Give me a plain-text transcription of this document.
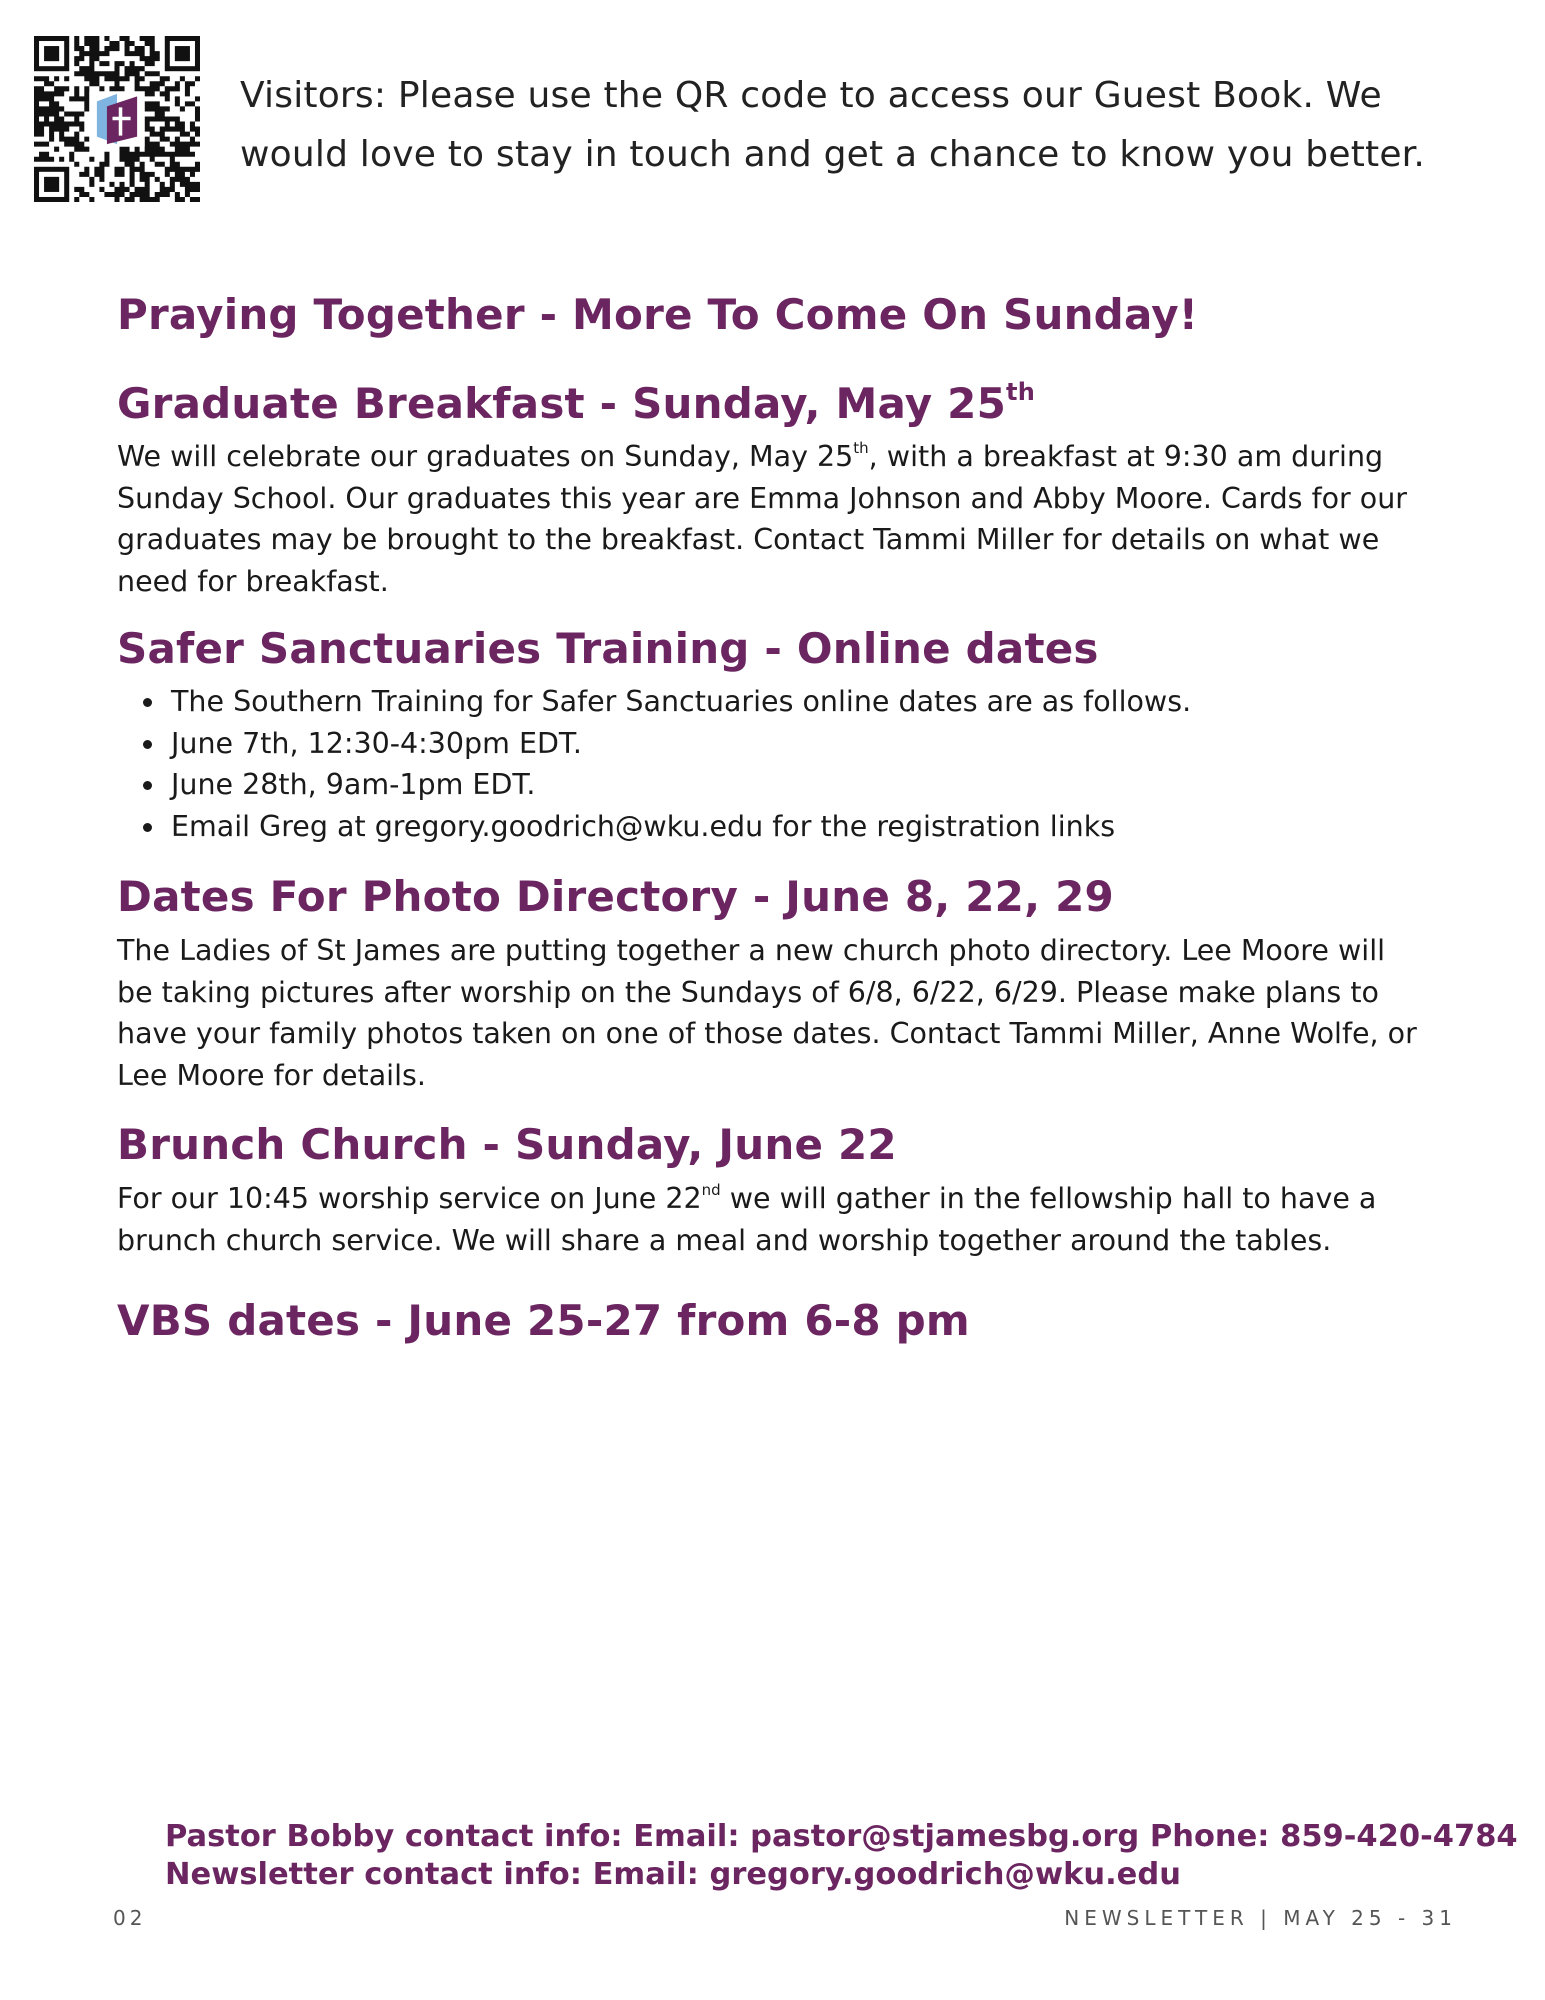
Visitors: Please use the QR code to access our Guest Book. We
would love to stay in touch and get a chance to know you better.
Praying Together - More To Come On Sunday!
Graduate Breakfast - Sunday, May 25th

We will celebrate our graduates on Sunday, May 25th, with a breakfast at 9:30 am during Sunday School. Our graduates this year are Emma Johnson and Abby Moore. Cards for our graduates may be brought to the breakfast. Contact Tammi Miller for details on what we need for breakfast.

Safer Sanctuaries Training - Online dates
• The Southern Training for Safer Sanctuaries online dates are as follows.
• June 7th, 12:30-4:30pm EDT.
• June 28th, 9am-1pm EDT.
• Email Greg at gregory.goodrich@wku.edu for the registration links
Dates For Photo Directory - June 8, 22, 29

The Ladies of St James are putting together a new church photo directory. Lee Moore will be taking pictures after worship on the Sundays of 6/8, 6/22, 6/29. Please make plans to have your family photos taken on one of those dates. Contact Tammi Miller, Anne Wolfe, or Lee Moore for details.

Brunch Church - Sunday, June 22

For our 10:45 worship service on June 22nd we will gather in the fellowship hall to have a brunch church service. We will share a meal and worship together around the tables.

VBS dates - June 25-27 from 6-8 pm
Pastor Bobby contact info: Email: pastor@stjamesbg.org Phone: 859-420-4784
Newsletter contact info: Email: gregory.goodrich@wku.edu
02	NEWSLETTER | MAY 25 - 31
